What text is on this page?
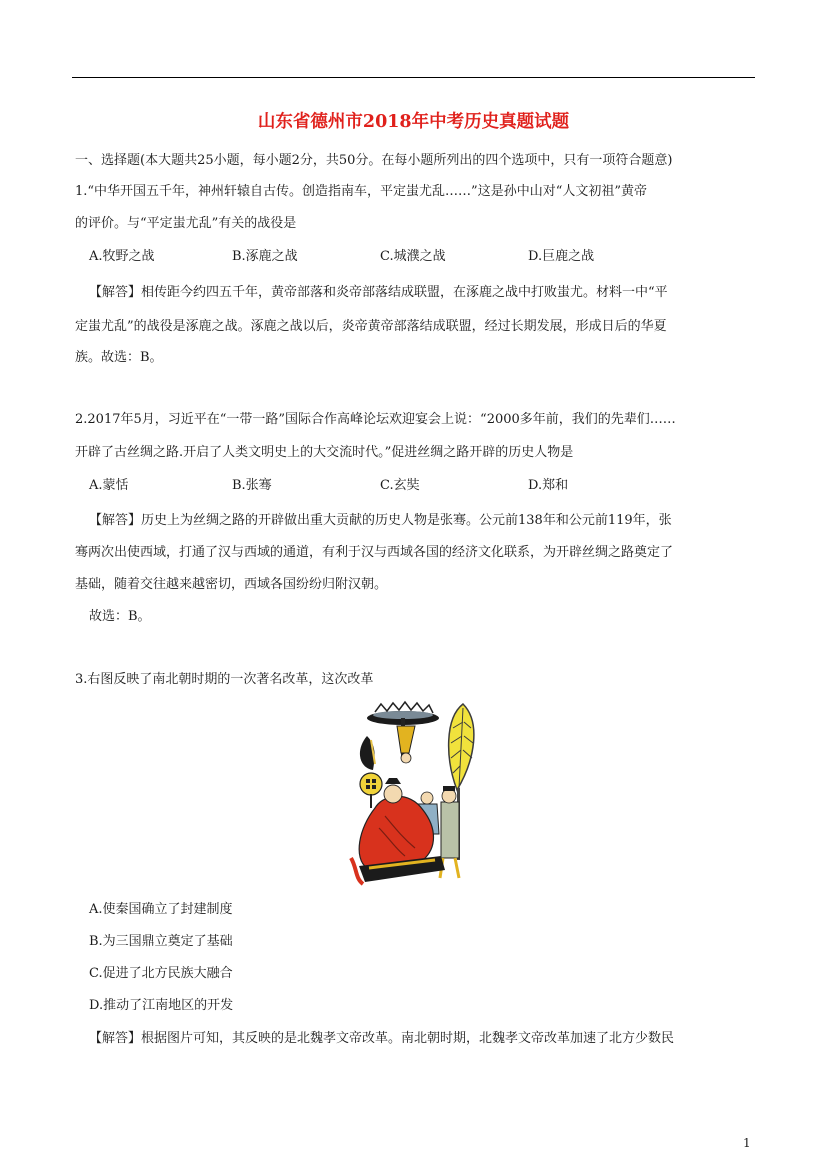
山东省德州市2018年中考历史真题试题
一、选择题(本大题共25小题，每小题2分，共50分。在每小题所列出的四个选项中，只有一项符合题意)
1.“中华开国五千年，神州轩辕自古传。创造指南车，平定蚩尤乱……”这是孙中山对“人文初祖”黄帝
的评价。与“平定蚩尤乱”有关的战役是
A.牧野之战	B.涿鹿之战	C.城濮之战	D.巨鹿之战
【解答】相传距今约四五千年，黄帝部落和炎帝部落结成联盟，在涿鹿之战中打败蚩尤。材料一中“平
定蚩尤乱”的战役是涿鹿之战。涿鹿之战以后，炎帝黄帝部落结成联盟，经过长期发展，形成日后的华夏
族。故选：B。
2.2017年5月，习近平在“一带一路”国际合作高峰论坛欢迎宴会上说：“2000多年前，我们的先辈们……
开辟了古丝绸之路.开启了人类文明史上的大交流时代。”促进丝绸之路开辟的历史人物是
A.蒙恬	B.张骞	C.玄奘	D.郑和
【解答】历史上为丝绸之路的开辟做出重大贡献的历史人物是张骞。公元前138年和公元前119年，张
骞两次出使西域，打通了汉与西域的通道，有利于汉与西域各国的经济文化联系，为开辟丝绸之路奠定了
基础，随着交往越来越密切，西域各国纷纷归附汉朝。
故选：B。
3.右图反映了南北朝时期的一次著名改革，这次改革
A.使秦国确立了封建制度
B.为三国鼎立奠定了基础
C.促进了北方民族大融合
D.推动了江南地区的开发
【解答】根据图片可知，其反映的是北魏孝文帝改革。南北朝时期，北魏孝文帝改革加速了北方少数民
1
